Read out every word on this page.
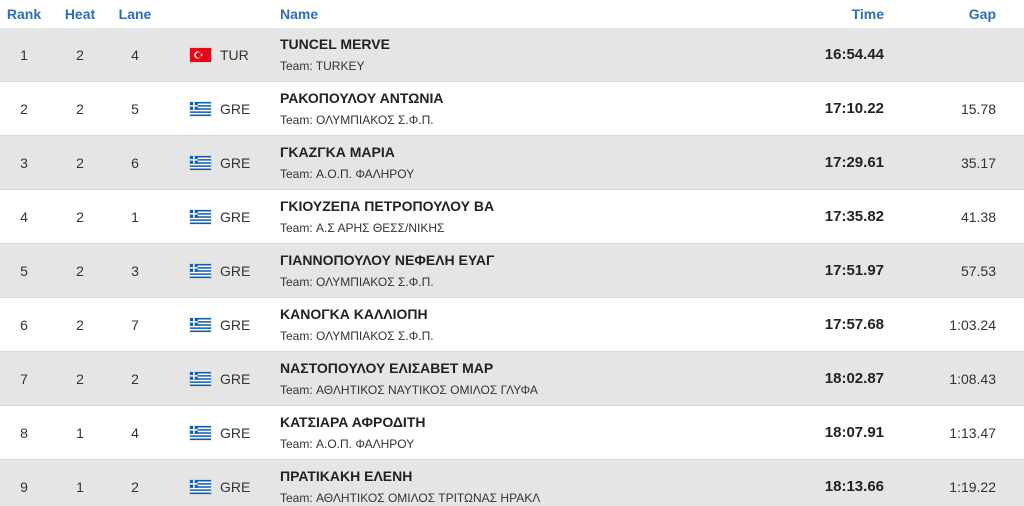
Rank	Heat	Lane	Name	Time	Gap
1	2	4	TUR
TUNCEL MERVE
Team: TURKEY
16:54.44
2	2	5	GRE
ΡΑΚΟΠΟΥΛΟΥ ΑΝΤΩΝΙΑ
Team: ΟΛΥΜΠΙΑΚΟΣ Σ.Φ.Π.
17:10.22	15.78
3	2	6	GRE
ΓΚΑΖΓΚΑ ΜΑΡΙΑ
Team: Α.Ο.Π. ΦΑΛΗΡΟΥ
17:29.61	35.17
4	2	1	GRE
ΓΚΙΟΥΖΕΠΑ ΠΕΤΡΟΠΟΥΛΟΥ ΒΑ
Team: Α.Σ ΑΡΗΣ ΘΕΣΣ/ΝΙΚΗΣ
17:35.82	41.38
5	2	3	GRE
ΓΙΑΝΝΟΠΟΥΛΟΥ ΝΕΦΕΛΗ ΕΥΑΓ
Team: ΟΛΥΜΠΙΑΚΟΣ Σ.Φ.Π.
17:51.97	57.53
6	2	7	GRE
ΚΑΝΟΓΚΑ ΚΑΛΛΙΟΠΗ
Team: ΟΛΥΜΠΙΑΚΟΣ Σ.Φ.Π.
17:57.68	1:03.24
7	2	2	GRE
ΝΑΣΤΟΠΟΥΛΟΥ ΕΛΙΣΑΒΕΤ ΜΑΡ
Team: ΑΘΛΗΤΙΚΟΣ ΝΑΥΤΙΚΟΣ ΟΜΙΛΟΣ ΓΛΥΦΑ
18:02.87	1:08.43
8	1	4	GRE
ΚΑΤΣΙΑΡΑ ΑΦΡΟΔΙΤΗ
Team: Α.Ο.Π. ΦΑΛΗΡΟΥ
18:07.91	1:13.47
9	1	2	GRE
ΠΡΑΤΙΚΑΚΗ ΕΛΕΝΗ
Team: ΑΘΛΗΤΙΚΟΣ ΟΜΙΛΟΣ ΤΡΙΤΩΝΑΣ ΗΡΑΚΛ
18:13.66	1:19.22
